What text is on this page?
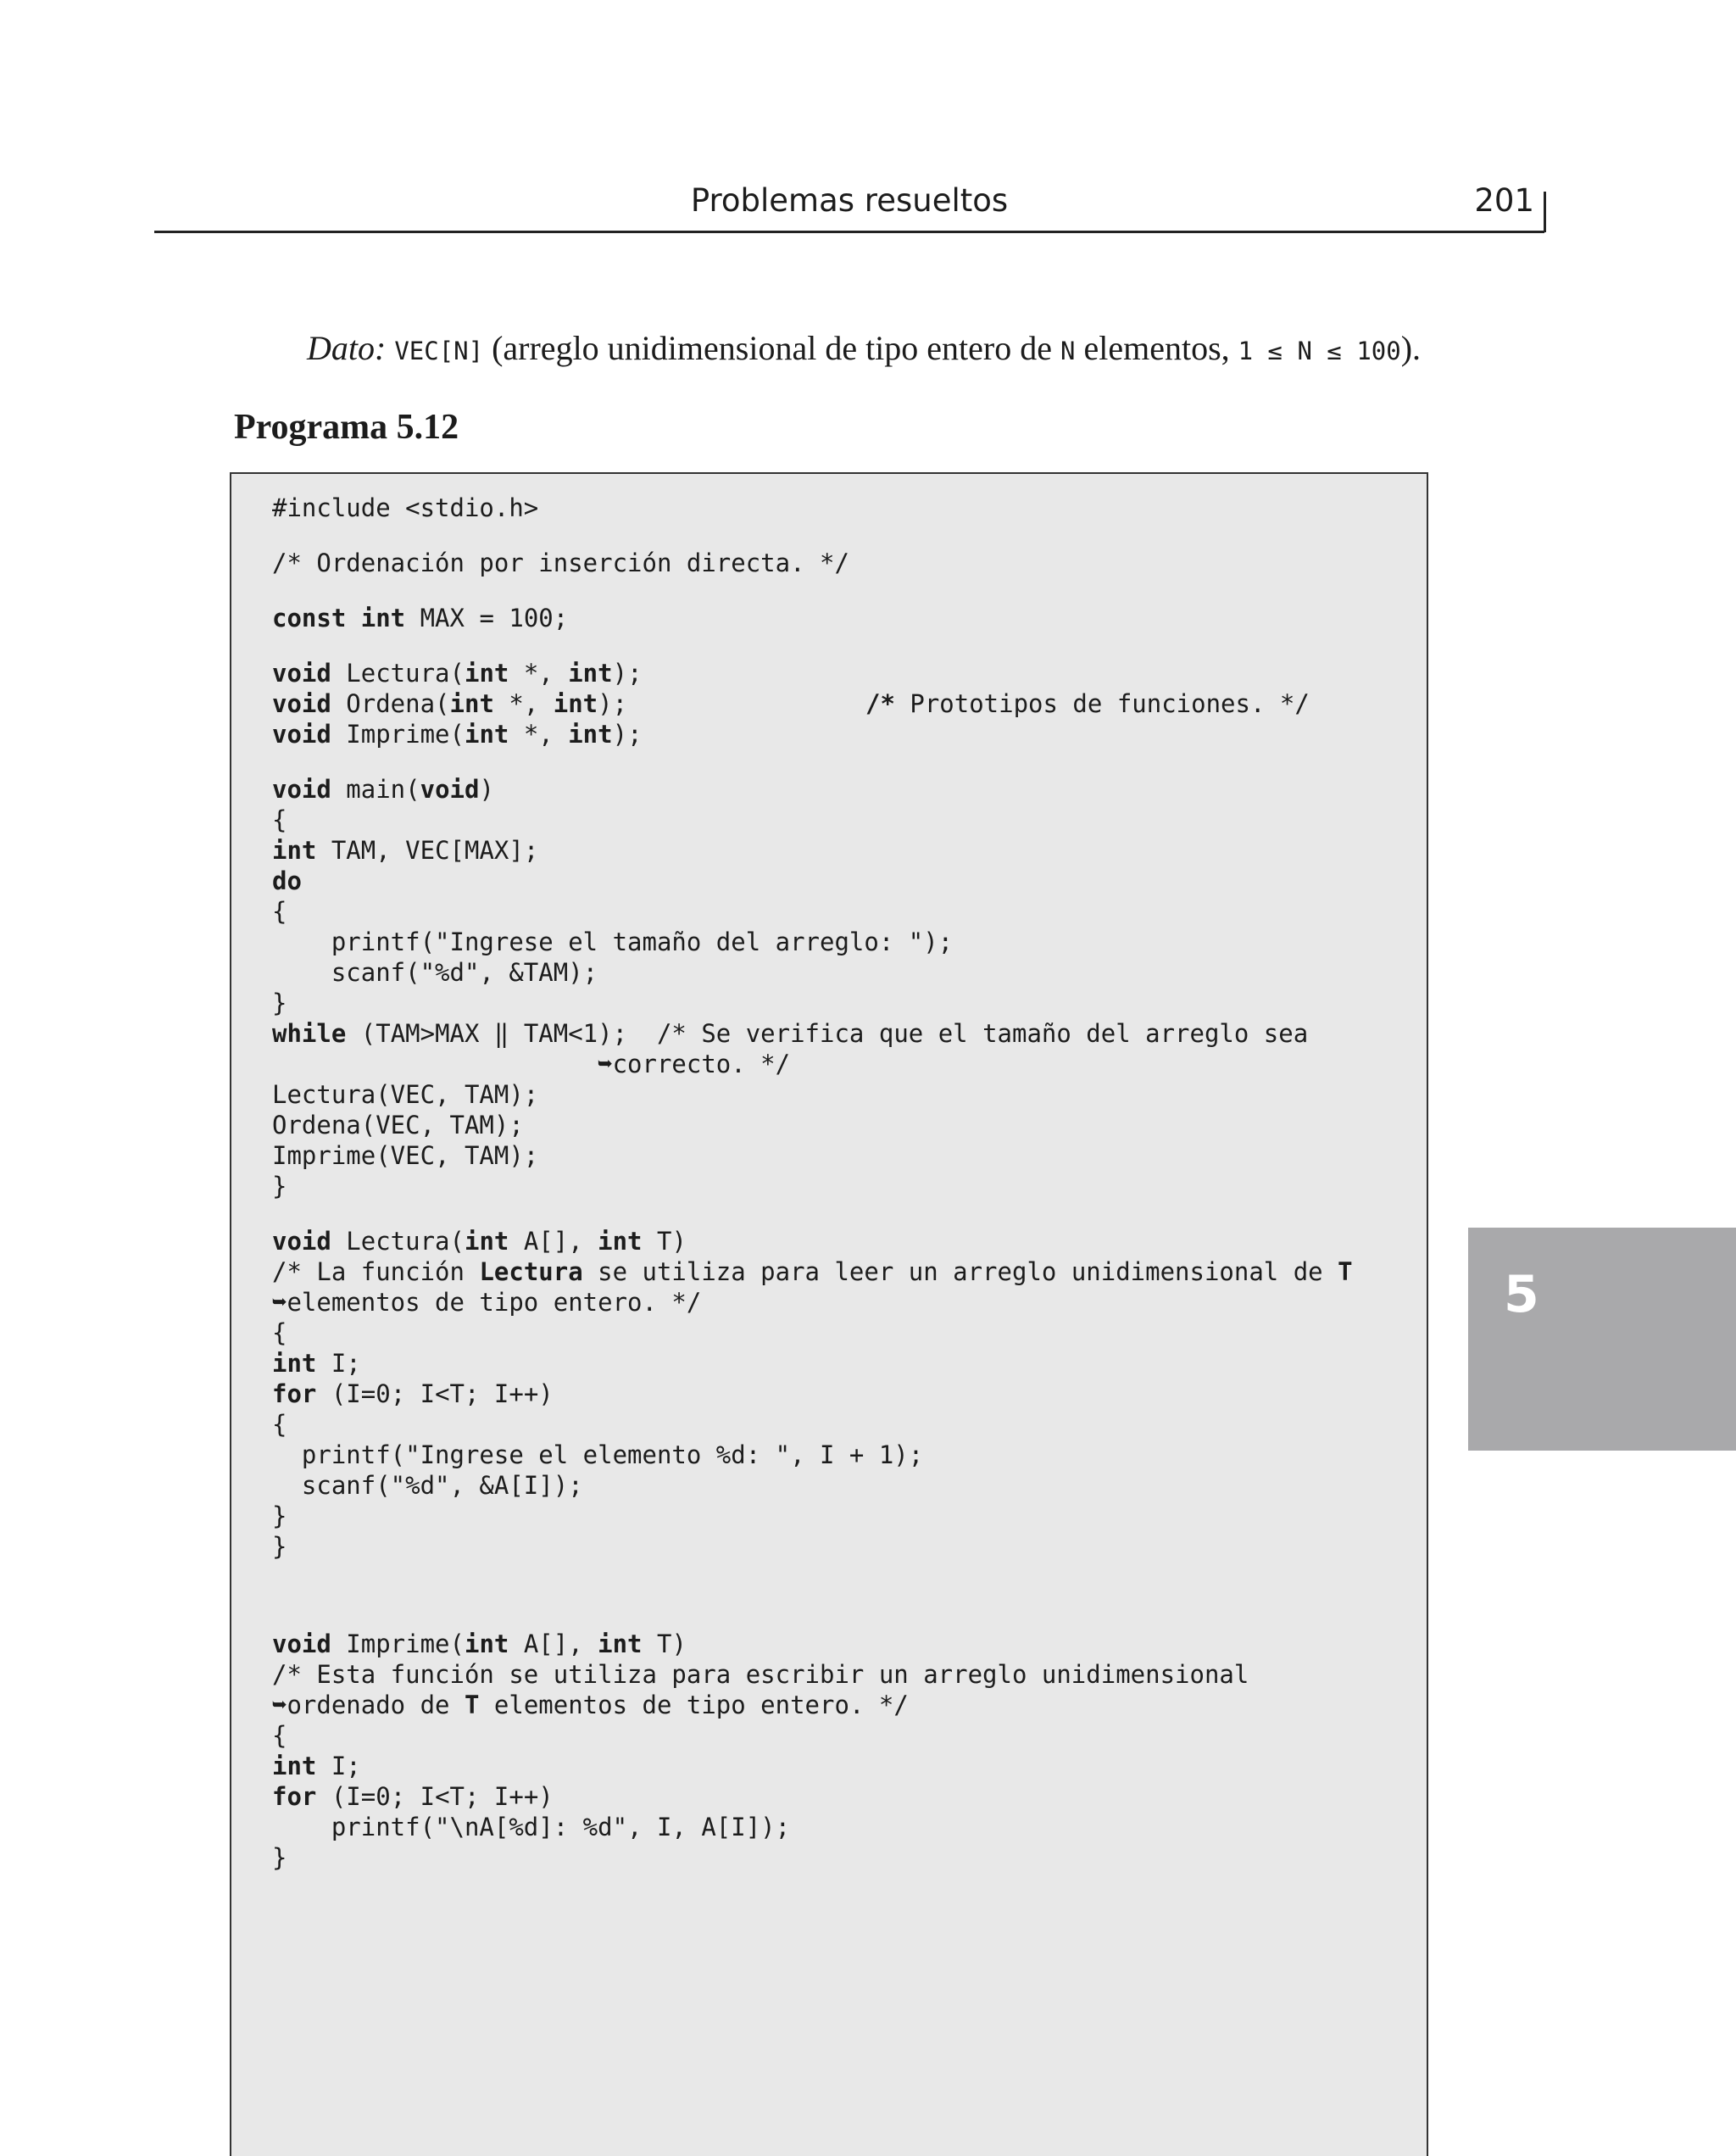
Problemas resueltos	201
Dato: VEC[N] (arreglo unidimensional de tipo entero de N elementos, 1 ≤ N ≤ 100).
Programa 5.12
#include <stdio.h>
/* Ordenación por inserción directa. */
const int MAX = 100;
void Lectura(int *, int);
void Ordena(int *, int);	/* Prototipos de funciones. */
void Imprime(int *, int);
void main(void)
{
int TAM, VEC[MAX];
do
{
printf("Ingrese el tamaño del arreglo: ");
scanf("%d", &TAM);
}
while (TAM>MAX ‖ TAM<1);  /* Se verifica que el tamaño del arreglo sea
➥correcto. */
Lectura(VEC, TAM);
Ordena(VEC, TAM);
Imprime(VEC, TAM);
}
void Lectura(int A[], int T)
/* La función Lectura se utiliza para leer un arreglo unidimensional de T
➥elementos de tipo entero. */
{
int I;
for (I=0; I<T; I++)
{
printf("Ingrese el elemento %d: ", I + 1);
scanf("%d", &A[I]);
}
}
void Imprime(int A[], int T)
/* Esta función se utiliza para escribir un arreglo unidimensional
➥ordenado de T elementos de tipo entero. */
{
int I;
for (I=0; I<T; I++)
printf("\nA[%d]: %d", I, A[I]);
}
5
